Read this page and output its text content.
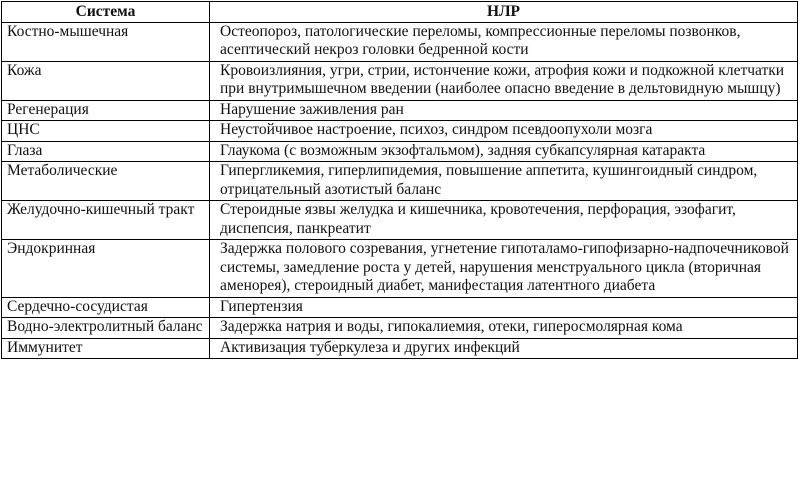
Система	НЛР
Костно-мышечная	Остеопороз, патологические переломы, компрессионные переломы позвонков, асептический некроз головки бедренной кости
Кожа	Кровоизлияния, угри, стрии, истончение кожи, атрофия кожи и подкожной клетчатки при внутримышечном введении (наиболее опасно введение в дельтовидную мышцу)
Регенерация	Нарушение заживления ран
ЦНС	Неустойчивое настроение, психоз, синдром псевдоопухоли мозга
Глаза	Глаукома (с возможным экзофтальмом), задняя субкапсулярная катаракта
Метаболические	Гипергликемия, гиперлипидемия, повышение аппетита, кушингоидный синдром, отрицательный азотистый баланс
Желудочно-кишечный тракт	Стероидные язвы желудка и кишечника, кровотечения, перфорация, эзофагит, диспепсия, панкреатит
Эндокринная	Задержка полового созревания, угнетение гипоталамо-гипофизарно-надпочечниковой системы, замедление роста у детей, нарушения менструального цикла (вторичная аменорея), стероидный диабет, манифестация латентного диабета
Сердечно-сосудистая	Гипертензия
Водно-электролитный баланс	Задержка натрия и воды, гипокалиемия, отеки, гиперосмолярная кома
Иммунитет	Активизация туберкулеза и других инфекций
